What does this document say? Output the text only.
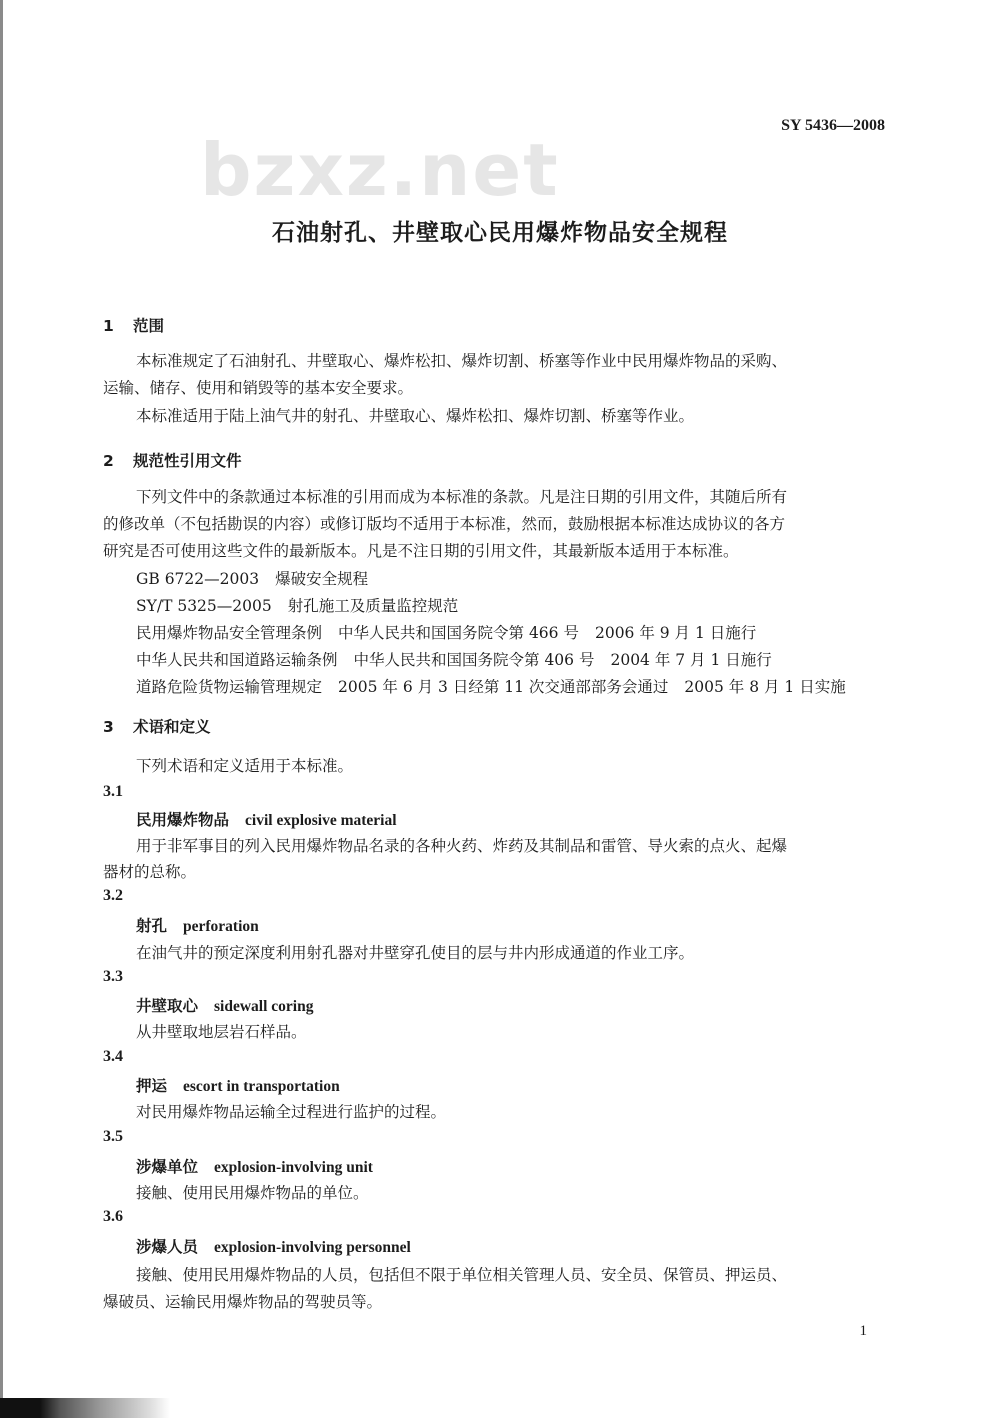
bzxz.net
SY 5436—2008
石油射孔、井壁取心民用爆炸物品安全规程
1 范围
本标准规定了石油射孔、井壁取心、爆炸松扣、爆炸切割、桥塞等作业中民用爆炸物品的采购、
运输、储存、使用和销毁等的基本安全要求。
本标准适用于陆上油气井的射孔、井壁取心、爆炸松扣、爆炸切割、桥塞等作业。
2 规范性引用文件
下列文件中的条款通过本标准的引用而成为本标准的条款。凡是注日期的引用文件，其随后所有
的修改单（不包括勘误的内容）或修订版均不适用于本标准，然而，鼓励根据本标准达成协议的各方
研究是否可使用这些文件的最新版本。凡是不注日期的引用文件，其最新版本适用于本标准。
GB 6722—2003 爆破安全规程
SY/T 5325—2005 射孔施工及质量监控规范
民用爆炸物品安全管理条例 中华人民共和国国务院令第 466 号 2006 年 9 月 1 日施行
中华人民共和国道路运输条例 中华人民共和国国务院令第 406 号 2004 年 7 月 1 日施行
道路危险货物运输管理规定 2005 年 6 月 3 日经第 11 次交通部部务会通过 2005 年 8 月 1 日实施
3 术语和定义
下列术语和定义适用于本标准。
3.1
民用爆炸物品 civil explosive material
用于非军事目的列入民用爆炸物品名录的各种火药、炸药及其制品和雷管、导火索的点火、起爆
器材的总称。
3.2
射孔 perforation
在油气井的预定深度利用射孔器对井壁穿孔使目的层与井内形成通道的作业工序。
3.3
井壁取心 sidewall coring
从井壁取地层岩石样品。
3.4
押运 escort in transportation
对民用爆炸物品运输全过程进行监护的过程。
3.5
涉爆单位 explosion-involving unit
接触、使用民用爆炸物品的单位。
3.6
涉爆人员 explosion-involving personnel
接触、使用民用爆炸物品的人员，包括但不限于单位相关管理人员、安全员、保管员、押运员、
爆破员、运输民用爆炸物品的驾驶员等。
1
